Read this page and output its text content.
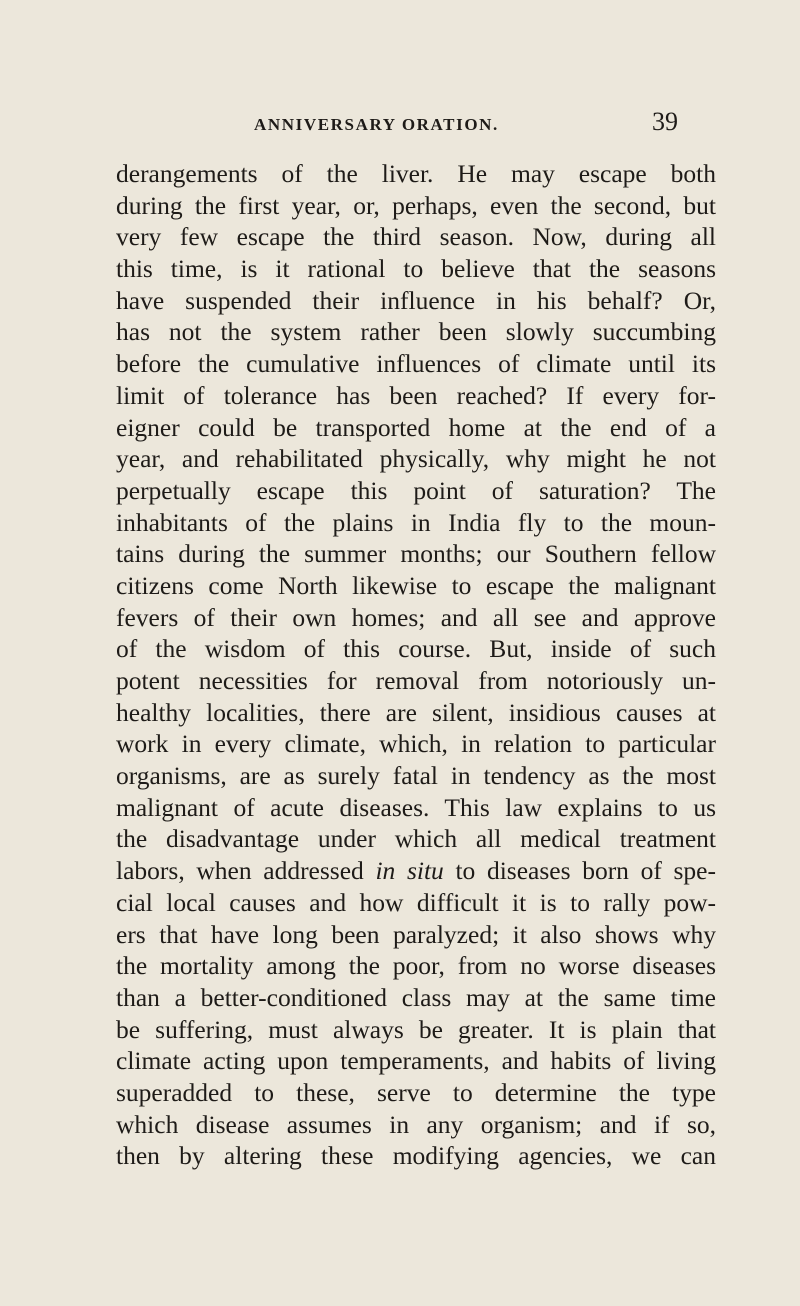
ANNIVERSARY ORATION.	39
derangements of the liver. He may escape both
during the first year, or, perhaps, even the second, but
very few escape the third season. Now, during all
this time, is it rational to believe that the seasons
have suspended their influence in his behalf? Or,
has not the system rather been slowly succumbing
before the cumulative influences of climate until its
limit of tolerance has been reached? If every for-
eigner could be transported home at the end of a
year, and rehabilitated physically, why might he not
perpetually escape this point of saturation? The
inhabitants of the plains in India fly to the moun-
tains during the summer months; our Southern fellow
citizens come North likewise to escape the malignant
fevers of their own homes; and all see and approve
of the wisdom of this course. But, inside of such
potent necessities for removal from notoriously un-
healthy localities, there are silent, insidious causes at
work in every climate, which, in relation to particular
organisms, are as surely fatal in tendency as the most
malignant of acute diseases. This law explains to us
the disadvantage under which all medical treatment
labors, when addressed in situ to diseases born of spe-
cial local causes and how difficult it is to rally pow-
ers that have long been paralyzed; it also shows why
the mortality among the poor, from no worse diseases
than a better-conditioned class may at the same time
be suffering, must always be greater. It is plain that
climate acting upon temperaments, and habits of living
superadded to these, serve to determine the type
which disease assumes in any organism; and if so,
then by altering these modifying agencies, we can
